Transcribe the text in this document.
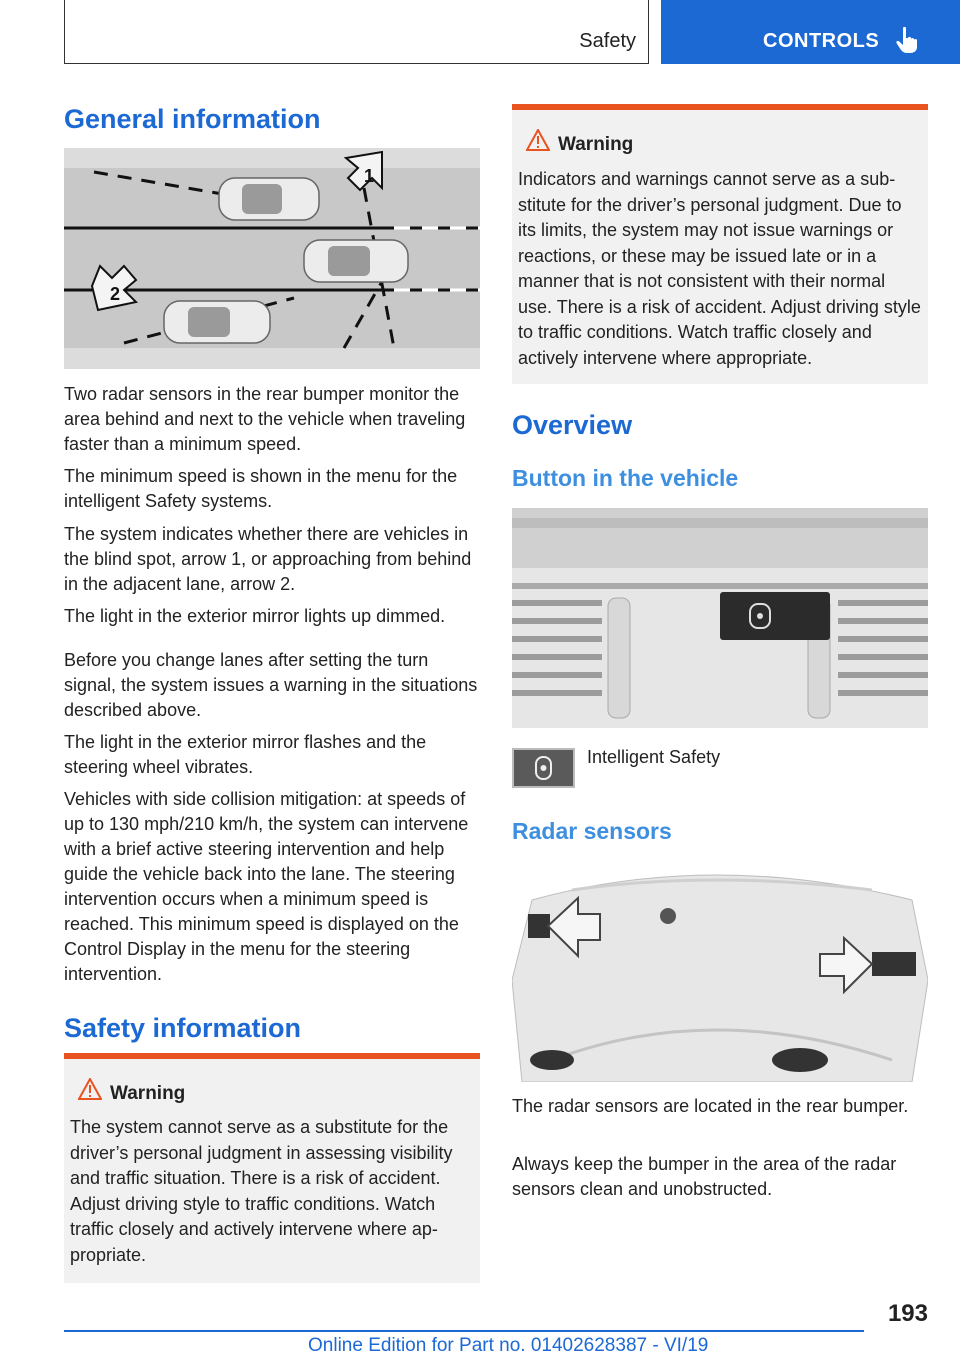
Safety	CONTROLS
General information
1
2

Two radar sensors in the rear bumper monitor the area behind and next to the vehicle when traveling faster than a minimum speed.

The minimum speed is shown in the menu for the intelligent Safety systems.

The system indicates whether there are vehicles in the blind spot, arrow 1, or approaching from behind in the adjacent lane, arrow 2.

The light in the exterior mirror lights up dimmed.

Before you change lanes after setting the turn signal, the system issues a warning in the situations described above.

The light in the exterior mirror flashes and the steering wheel vibrates.

Vehicles with side collision mitigation: at speeds of up to 130 mph/210 km/h, the system can intervene with a brief active steering intervention and help guide the vehicle back into the lane. The steering intervention occurs when a minimum speed is reached. This minimum speed is displayed on the Control Display in the menu for the steering intervention.

Safety information
Warning

The system cannot serve as a substitute for the driver’s personal judgment in assessing visibility and traffic situation. There is a risk of accident. Adjust driving style to traffic conditions. Watch traffic closely and actively intervene where appropriate.

Warning

Indicators and warnings cannot serve as a substitute for the driver’s personal judgment. Due to its limits, the system may not issue warnings or reactions, or these may be issued late or in a manner that is not consistent with their normal use. There is a risk of accident. Adjust driving style to traffic conditions. Watch traffic closely and actively intervene where appropriate.

Overview
Button in the vehicle
Intelligent Safety
Radar sensors

The radar sensors are located in the rear bumper.

Always keep the bumper in the area of the radar sensors clean and unobstructed.

193
Online Edition for Part no. 01402628387 - VI/19
